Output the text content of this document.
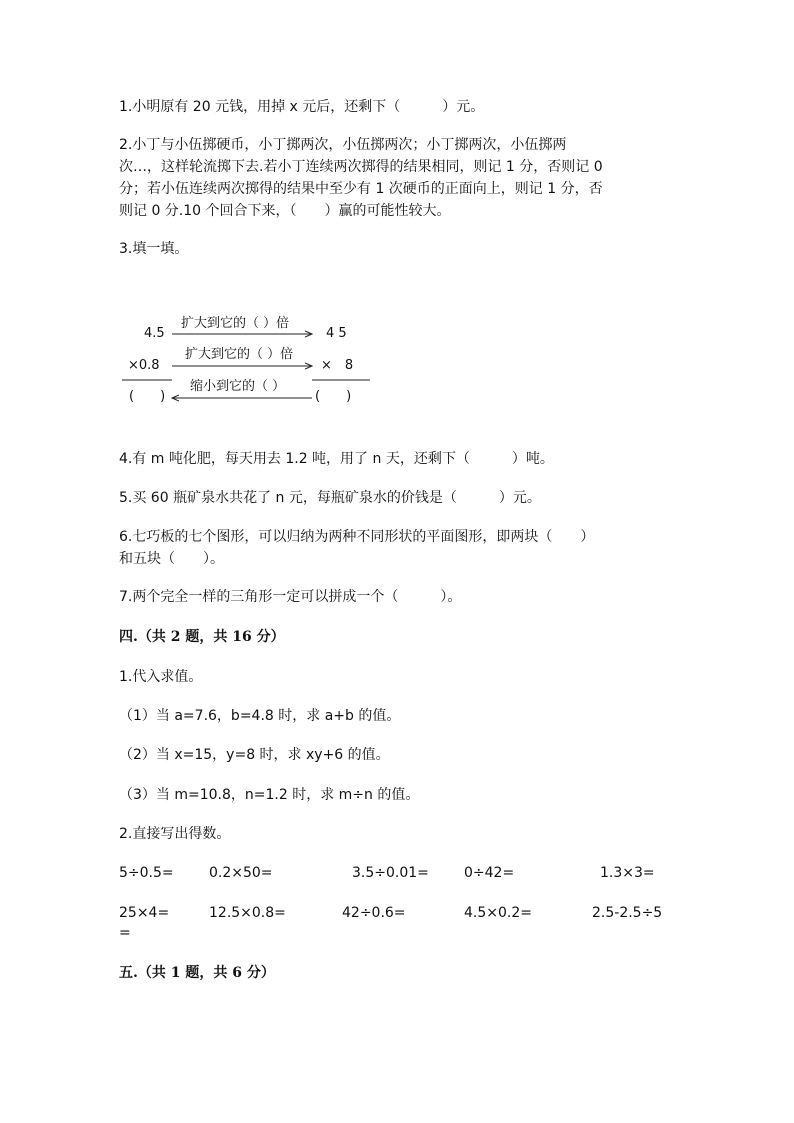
1.小明原有 20 元钱，用掉 x 元后，还剩下（　　　）元。
2.小丁与小伍掷硬币，小丁掷两次，小伍掷两次；小丁掷两次，小伍掷两
次…，这样轮流掷下去.若小丁连续两次掷得的结果相同，则记 1 分，否则记 0
分；若小伍连续两次掷得的结果中至少有 1 次硬币的正面向上，则记 1 分，否
则记 0 分.10 个回合下来，（　　）赢的可能性较大。
3.填一填。
4.5
×0.8
(　　)
4 5
×　8
(　　)
扩大到它的（ ）倍
扩大到它的（ ）倍
缩小到它的（ ）
4.有 m 吨化肥，每天用去 1.2 吨，用了 n 天，还剩下（　　　）吨。
5.买 60 瓶矿泉水共花了 n 元，每瓶矿泉水的价钱是（　　　）元。
6.七巧板的七个图形，可以归纳为两种不同形状的平面图形，即两块（　　）
和五块（　　）。
7.两个完全一样的三角形一定可以拼成一个（　　　）。
四.（共 2 题，共 16 分）
1.代入求值。
（1）当 a=7.6，b=4.8 时，求 a+b 的值。
（2）当 x=15，y=8 时，求 xy+6 的值。
（3）当 m=10.8，n=1.2 时，求 m÷n 的值。
2.直接写出得数。
5÷0.5=	0.2×50=	3.5÷0.01=	0÷42=	1.3×3=
25×4=	12.5×0.8=	42÷0.6=	4.5×0.2=	2.5-2.5÷5
=
五.（共 1 题，共 6 分）
